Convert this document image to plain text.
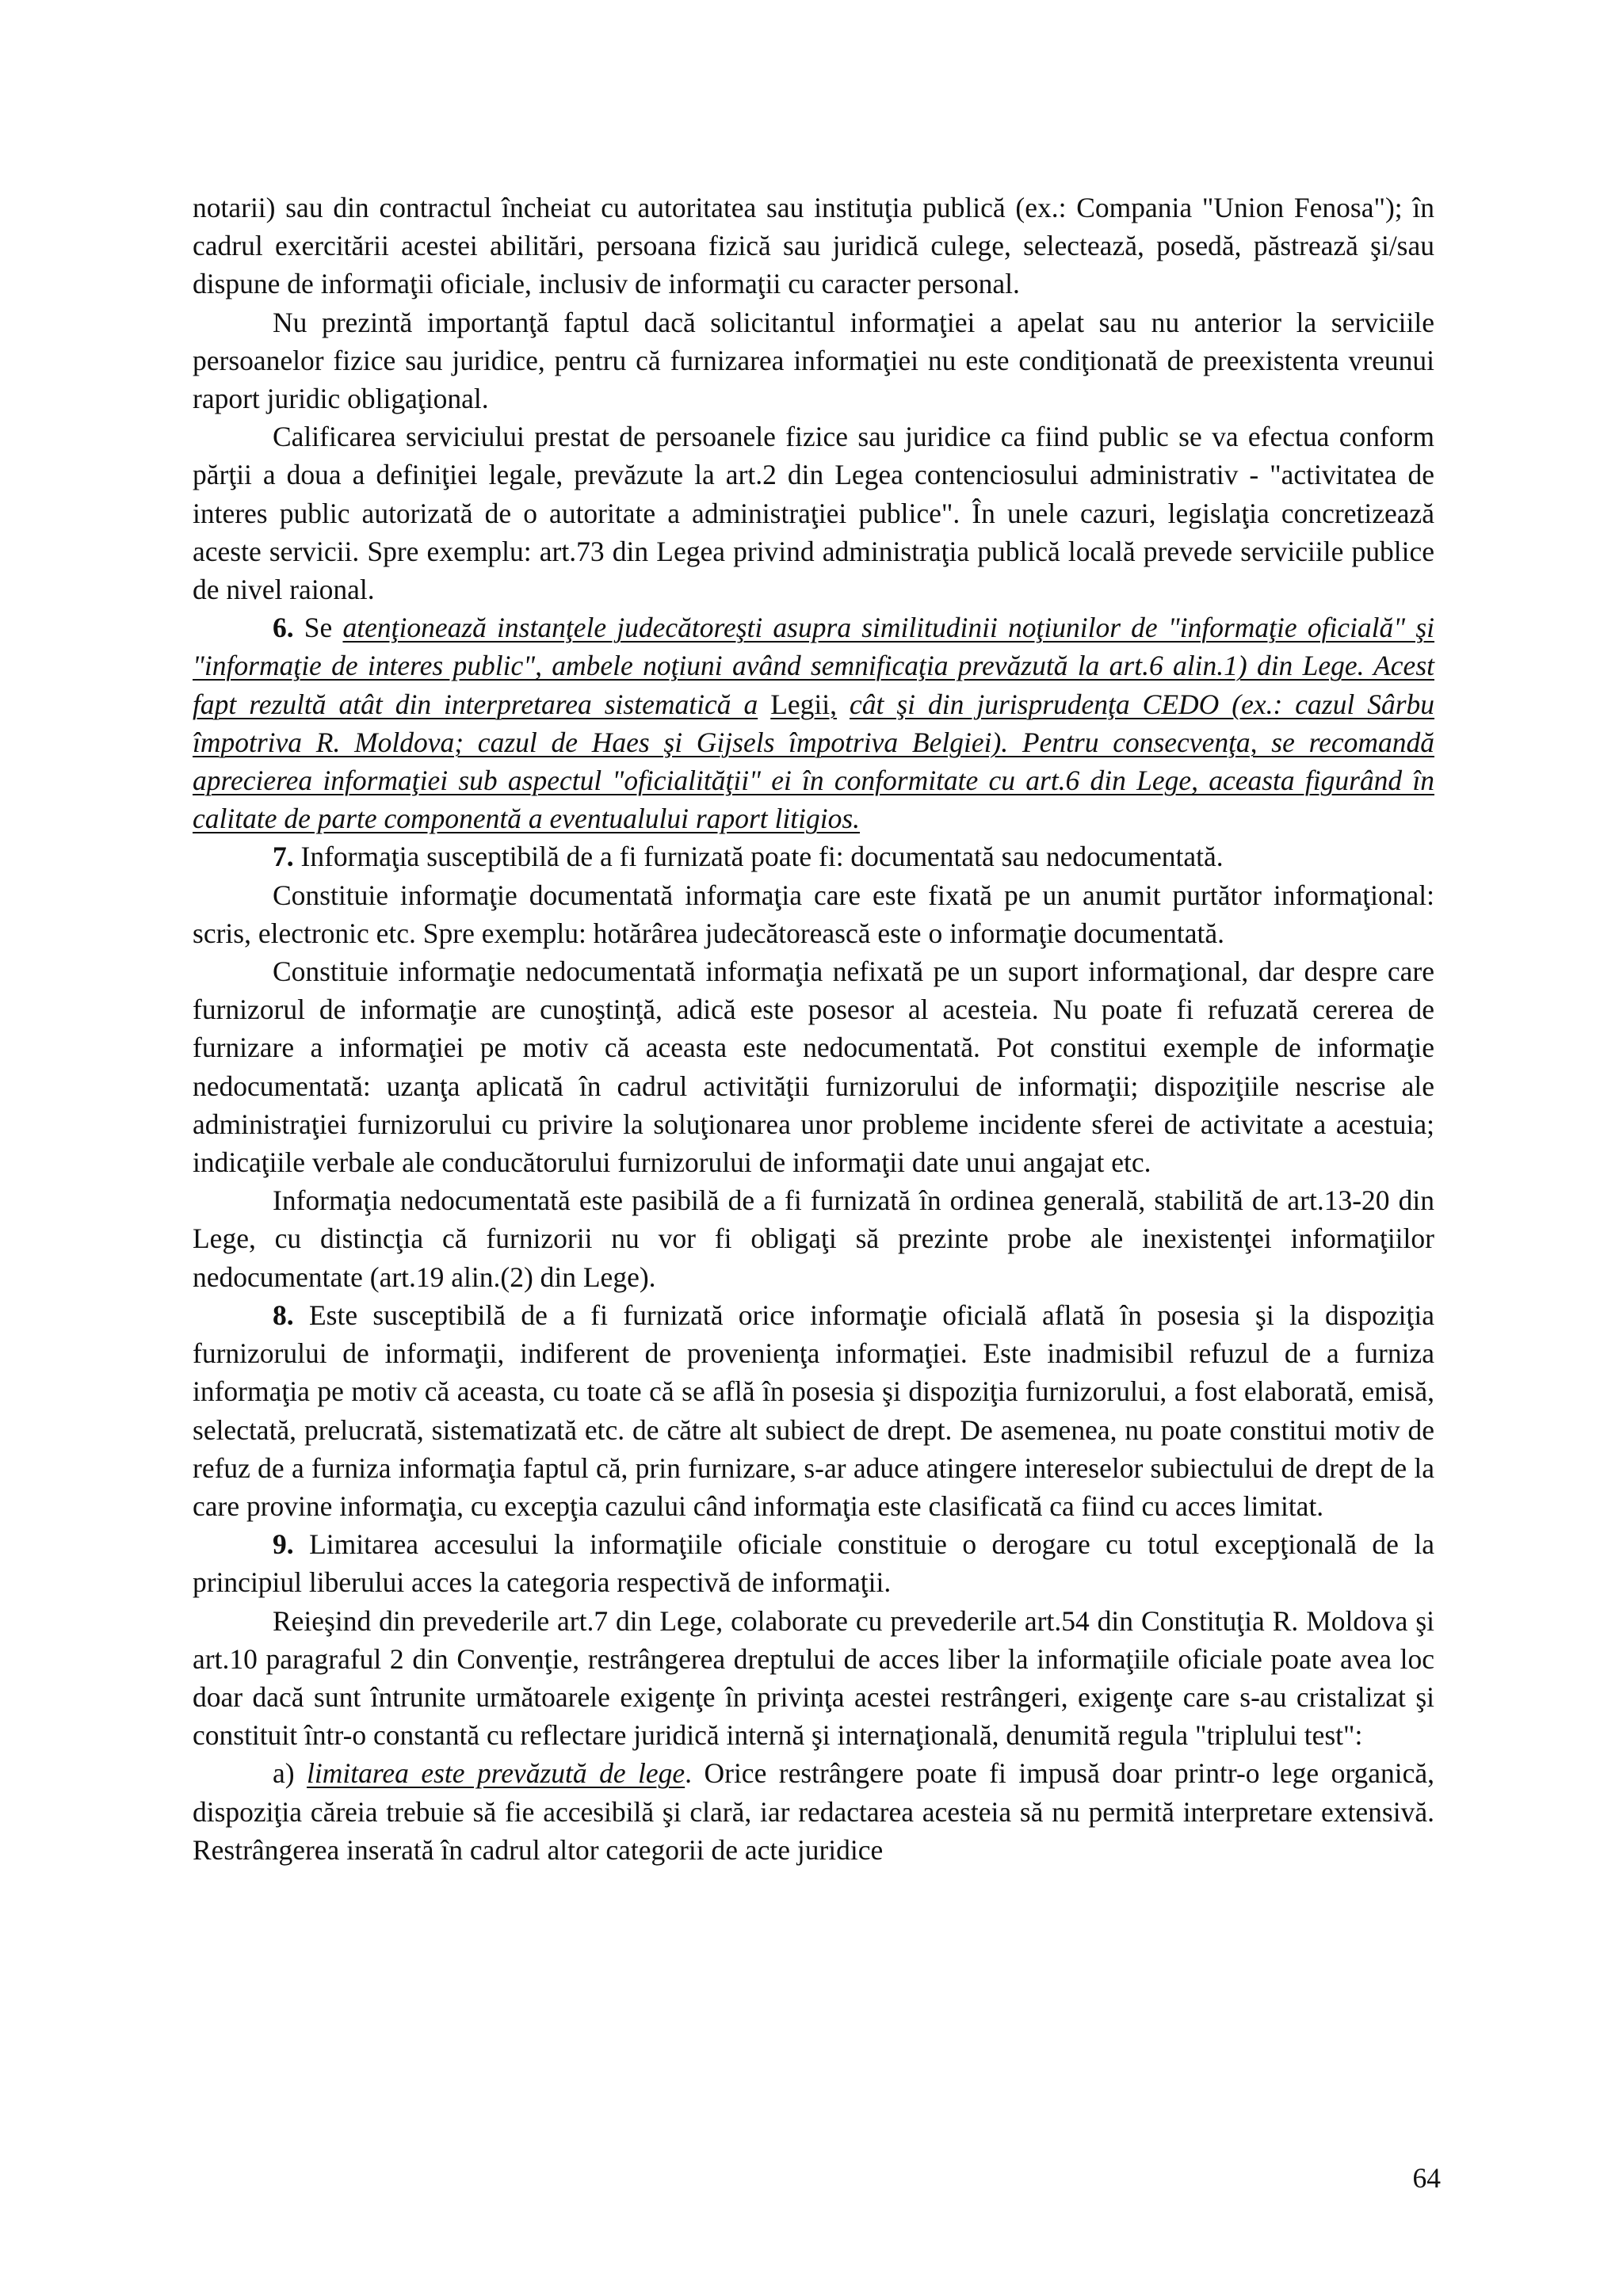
notarii) sau din contractul încheiat cu autoritatea sau instituţia publică (ex.: Compania "Union Fenosa"); în cadrul exercitării acestei abilitări, persoana fizică sau juridică culege, selectează, posedă, păstrează şi/sau dispune de informaţii oficiale, inclusiv de informaţii cu caracter personal.

Nu prezintă importanţă faptul dacă solicitantul informaţiei a apelat sau nu anterior la serviciile persoanelor fizice sau juridice, pentru că furnizarea informaţiei nu este condiţionată de preexistenta vreunui raport juridic obligaţional.

Calificarea serviciului prestat de persoanele fizice sau juridice ca fiind public se va efectua conform părţii a doua a definiţiei legale, prevăzute la art.2 din Legea contenciosului administrativ - "activitatea de interes public autorizată de o autoritate a administraţiei publice". În unele cazuri, legislaţia concretizează aceste servicii. Spre exemplu: art.73 din Legea privind administraţia publică locală prevede serviciile publice de nivel raional.

6. Se atenţionează instanţele judecătoreşti asupra similitudinii noţiunilor de "informaţie oficială" şi "informaţie de interes public", ambele noţiuni având semnificaţia prevăzută la art.6 alin.1) din Lege. Acest fapt rezultă atât din interpretarea sistematică a Legii, cât şi din jurisprudenţa CEDO (ex.: cazul Sârbu împotriva R. Moldova; cazul de Haes şi Gijsels împotriva Belgiei). Pentru consecvenţa, se recomandă aprecierea informaţiei sub aspectul "oficialităţii" ei în conformitate cu art.6 din Lege, aceasta figurând în calitate de parte componentă a eventualului raport litigios.

7. Informaţia susceptibilă de a fi furnizată poate fi: documentată sau nedocumentată.

Constituie informaţie documentată informaţia care este fixată pe un anumit purtător informaţional: scris, electronic etc. Spre exemplu: hotărârea judecătorească este o informaţie documentată.

Constituie informaţie nedocumentată informaţia nefixată pe un suport informaţional, dar despre care furnizorul de informaţie are cunoştinţă, adică este posesor al acesteia. Nu poate fi refuzată cererea de furnizare a informaţiei pe motiv că aceasta este nedocumentată. Pot constitui exemple de informaţie nedocumentată: uzanţa aplicată în cadrul activităţii furnizorului de informaţii; dispoziţiile nescrise ale administraţiei furnizorului cu privire la soluţionarea unor probleme incidente sferei de activitate a acestuia; indicaţiile verbale ale conducătorului furnizorului de informaţii date unui angajat etc.

Informaţia nedocumentată este pasibilă de a fi furnizată în ordinea generală, stabilită de art.13-20 din Lege, cu distincţia că furnizorii nu vor fi obligaţi să prezinte probe ale inexistenţei informaţiilor nedocumentate (art.19 alin.(2) din Lege).

8. Este susceptibilă de a fi furnizată orice informaţie oficială aflată în posesia şi la dispoziţia furnizorului de informaţii, indiferent de provenienţa informaţiei. Este inadmisibil refuzul de a furniza informaţia pe motiv că aceasta, cu toate că se află în posesia şi dispoziţia furnizorului, a fost elaborată, emisă, selectată, prelucrată, sistematizată etc. de către alt subiect de drept. De asemenea, nu poate constitui motiv de refuz de a furniza informaţia faptul că, prin furnizare, s-ar aduce atingere intereselor subiectului de drept de la care provine informaţia, cu excepţia cazului când informaţia este clasificată ca fiind cu acces limitat.

9. Limitarea accesului la informaţiile oficiale constituie o derogare cu totul excepţională de la principiul liberului acces la categoria respectivă de informaţii.

Reieşind din prevederile art.7 din Lege, colaborate cu prevederile art.54 din Constituţia R. Moldova şi art.10 paragraful 2 din Convenţie, restrângerea dreptului de acces liber la informaţiile oficiale poate avea loc doar dacă sunt întrunite următoarele exigenţe în privinţa acestei restrângeri, exigenţe care s-au cristalizat şi constituit într-o constantă cu reflectare juridică internă şi internaţională, denumită regula "triplului test":

a) limitarea este prevăzută de lege. Orice restrângere poate fi impusă doar printr-o lege organică, dispoziţia căreia trebuie să fie accesibilă şi clară, iar redactarea acesteia să nu permită interpretare extensivă. Restrângerea inserată în cadrul altor categorii de acte juridice

64
